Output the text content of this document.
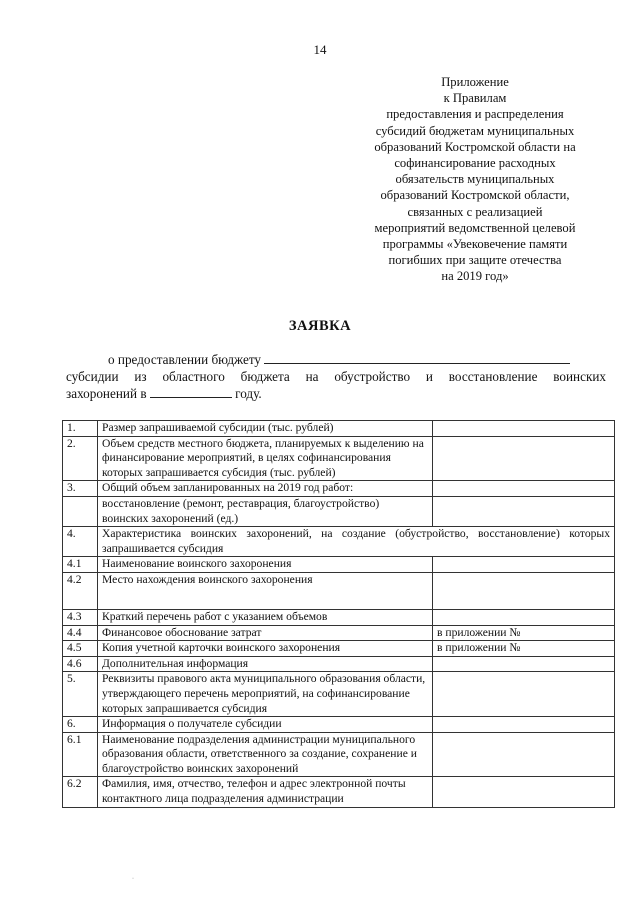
14
Приложение
к Правилам
предоставления и распределения
субсидий бюджетам муниципальных
образований Костромской области на
софинансирование расходных
обязательств муниципальных
образований Костромской области,
связанных с реализацией
мероприятий ведомственной целевой
программы «Увековечение памяти
погибших при защите отечества
на 2019 год»
ЗАЯВКА
о предоставлении бюджету
субсидии из областного бюджета на обустройство и восстановление воинских
захоронений в	году.
1.	Размер запрашиваемой субсидии (тыс. рублей)	
2.	Объем средств местного бюджета, планируемых к выделению на финансирование мероприятий, в целях софинансирования которых запрашивается субсидия (тыс. рублей)	
3.	Общий объем запланированных на 2019 год работ:	
	восстановление (ремонт, реставрация, благоустройство) воинских захоронений (ед.)	
4.	Характеристика воинских захоронений, на создание (обустройство, восстановление) которых запрашивается субсидия	
4.1	Наименование воинского захоронения	
4.2	Место нахождения воинского захоронения	
4.3	Краткий перечень работ с указанием объемов	
4.4	Финансовое обоснование затрат	в приложении №
4.5	Копия учетной карточки воинского захоронения	в приложении №
4.6	Дополнительная информация	
5.	Реквизиты правового акта муниципального образования области, утверждающего перечень мероприятий, на софинансирование которых запрашивается субсидия	
6.	Информация о получателе субсидии	
6.1	Наименование подразделения администрации муниципального образования области, ответственного за создание, сохранение и благоустройство воинских захоронений	
6.2	Фамилия, имя, отчество, телефон и адрес электронной почты контактного лица подразделения администрации	
·
